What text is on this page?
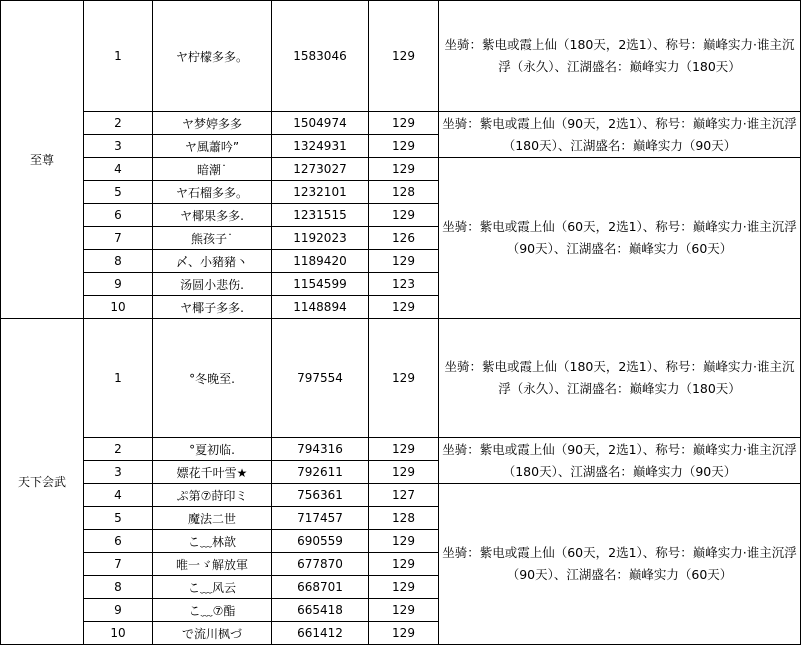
至尊	1	ヤ柠檬多多。	1583046	129	坐骑：紫电或霞上仙（180天，2选1）、称号：巅峰实力·谁主沉浮（永久）、江湖盛名：巅峰实力（180天）
	2	ヤ梦婷多多	1504974	129	坐骑：紫电或霞上仙（90天，2选1）、称号：巅峰实力·谁主沉浮（180天）、江湖盛名：巅峰实力（90天）
	3	ヤ風蕭吟”	1324931	129	
	4	暗潮˙	1273027	129	坐骑：紫电或霞上仙（60天，2选1）、称号：巅峰实力·谁主沉浮（90天）、江湖盛名：巅峰实力（60天）
	5	ヤ石榴多多。	1232101	128	
	6	ヤ椰果多多.	1231515	129	
	7	熊孩子˙	1192023	126	
	8	〆、小豬豬丶	1189420	129	
	9	汤圆小悲伤.	1154599	123	
	10	ヤ椰子多多.	1148894	129	
天下会武	1	°冬晚至.	797554	129	坐骑：紫电或霞上仙（180天，2选1）、称号：巅峰实力·谁主沉浮（永久）、江湖盛名：巅峰实力（180天）
	2	°夏初临.	794316	129	坐骑：紫电或霞上仙（90天，2选1）、称号：巅峰实力·谁主沉浮（180天）、江湖盛名：巅峰实力（90天）
	3	嫖花千叶雪★	792611	129	
	4	ぷ第⑦莳印ミ	756361	127	坐骑：紫电或霞上仙（60天，2选1）、称号：巅峰实力·谁主沉浮（90天）、江湖盛名：巅峰实力（60天）
	5	魔法二世	717457	128	
	6	こ﹏林歆	690559	129	
	7	唯一ゞ解放軍	677870	129	
	8	こ﹏风云	668701	129	
	9	こ﹏⑦酯	665418	129	
	10	で流川枫づ	661412	129	
